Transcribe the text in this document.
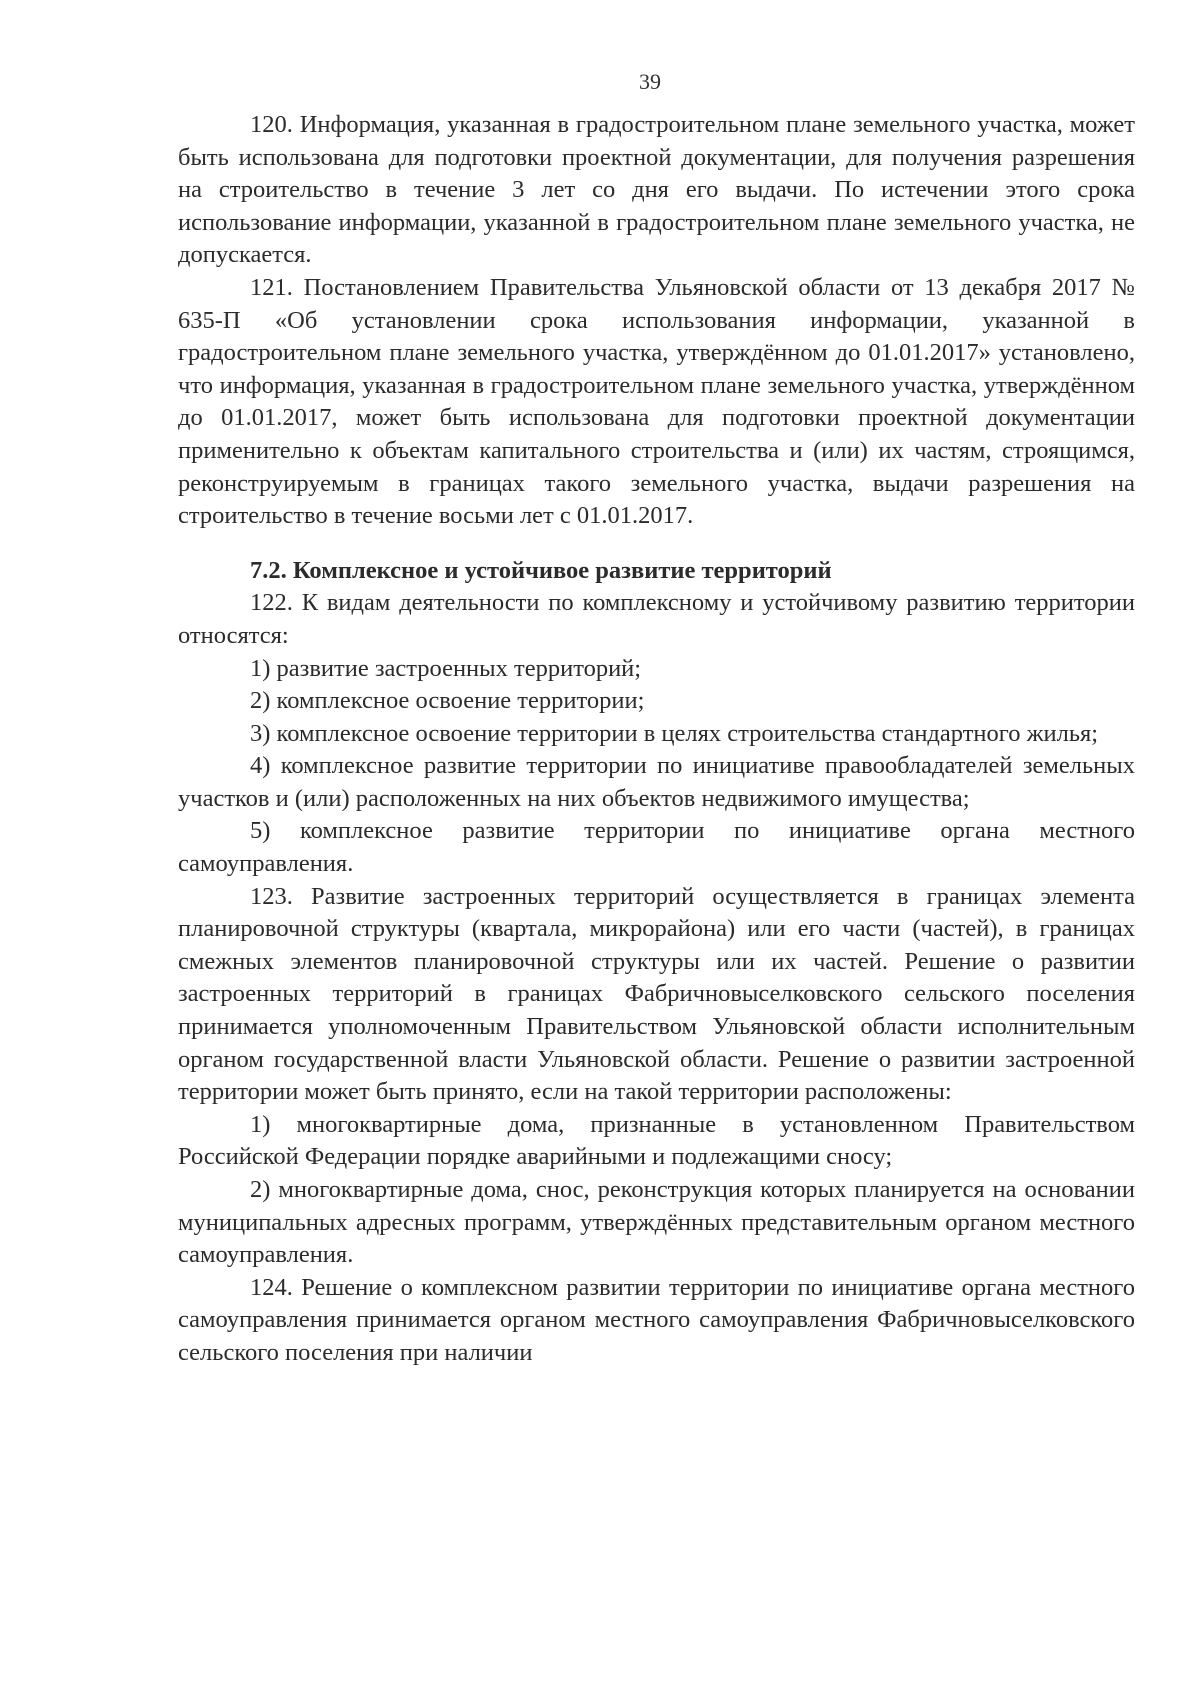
39

120. Информация, указанная в градостроительном плане земельного участка, может быть использована для подготовки проектной документации, для получения разрешения на строительство в течение 3 лет со дня его выдачи. По истечении этого срока использование информации, указанной в градостроительном плане земельного участка, не допускается.

121. Постановлением Правительства Ульяновской области от 13 декабря 2017 № 635-П «Об установлении срока использования информации, указанной в градостроительном плане земельного участка, утверждённом до 01.01.2017» установлено, что информация, указанная в градостроительном плане земельного участка, утверждённом до 01.01.2017, может быть использована для подготовки проектной документации применительно к объектам капитального строительства и (или) их частям, строящимся, реконструируемым в границах такого земельного участка, выдачи разрешения на строительство в течение восьми лет с 01.01.2017.

7.2. Комплексное и устойчивое развитие территорий

122. К видам деятельности по комплексному и устойчивому развитию территории относятся:

1) развитие застроенных территорий;

2) комплексное освоение территории;

3) комплексное освоение территории в целях строительства стандартного жилья;

4) комплексное развитие территории по инициативе правообладателей земельных участков и (или) расположенных на них объектов недвижимого имущества;

5) комплексное развитие территории по инициативе органа местного самоуправления.

123. Развитие застроенных территорий осуществляется в границах элемента планировочной структуры (квартала, микрорайона) или его части (частей), в границах смежных элементов планировочной структуры или их частей. Решение о развитии застроенных территорий в границах Фабричновыселковского сельского поселения принимается уполномоченным Правительством Ульяновской области исполнительным органом государственной власти Ульяновской области. Решение о развитии застроенной территории может быть принято, если на такой территории расположены:

1) многоквартирные дома, признанные в установленном Правительством Российской Федерации порядке аварийными и подлежащими сносу;

2) многоквартирные дома, снос, реконструкция которых планируется на основании муниципальных адресных программ, утверждённых представительным органом местного самоуправления.

124. Решение о комплексном развитии территории по инициативе органа местного самоуправления принимается органом местного самоуправления Фабричновыселковского сельского поселения при наличии
